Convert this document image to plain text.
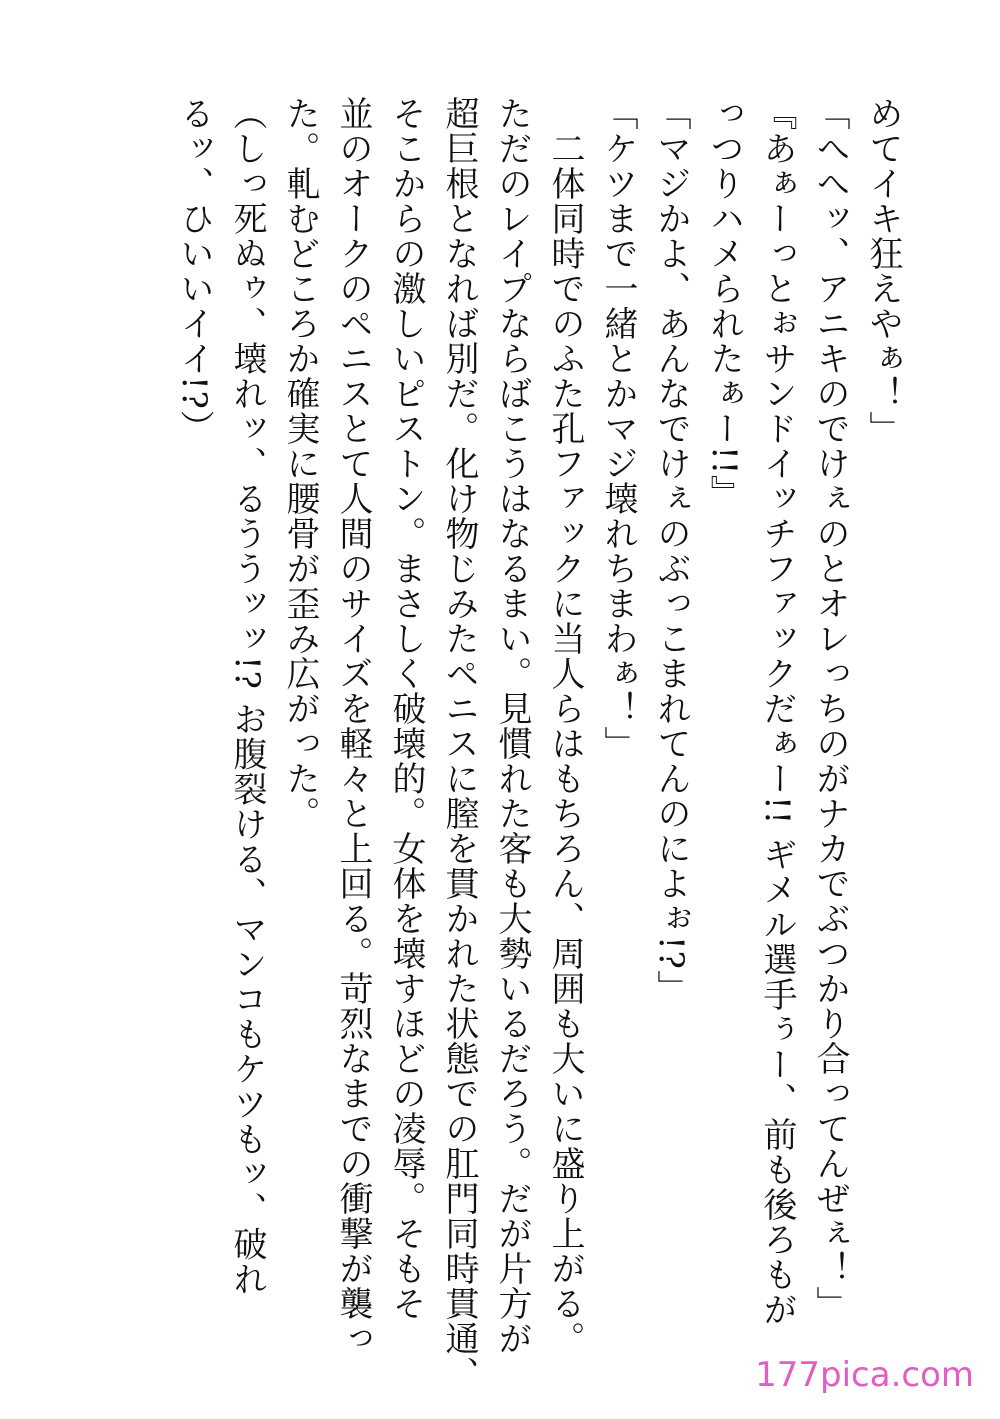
めてイキ狂えやぁ！」
「へへッ、アニキのでけぇのとオレっちのがナカでぶつかり合ってんぜぇ！」
『あぁーっとぉサンドイッチファックだぁー!! ギメル選手ぅー、前も後ろもが
っつりハメられたぁー!!』
「マジかよ、あんなでけぇのぶっこまれてんのによぉ!?」
「ケツまで一緒とかマジ壊れちまわぁ！」
　二体同時でのふた孔ファックに当人らはもちろん、周囲も大いに盛り上がる。
ただのレイプならばこうはなるまい。見慣れた客も大勢いるだろう。だが片方が
超巨根となれば別だ。化け物じみたペニスに膣を貫かれた状態での肛門同時貫通、
そこからの激しいピストン。まさしく破壊的。女体を壊すほどの凌辱。そもそ
並のオークのペニスとて人間のサイズを軽々と上回る。苛烈なまでの衝撃が襲っ
た。軋むどころか確実に腰骨が歪み広がった。
（しっ死ぬゥ、壊れッ、るううッッ!? お腹裂ける、マンコもケツもッ、破れ
るッ、ひいいイイ!?）
177pica.com
